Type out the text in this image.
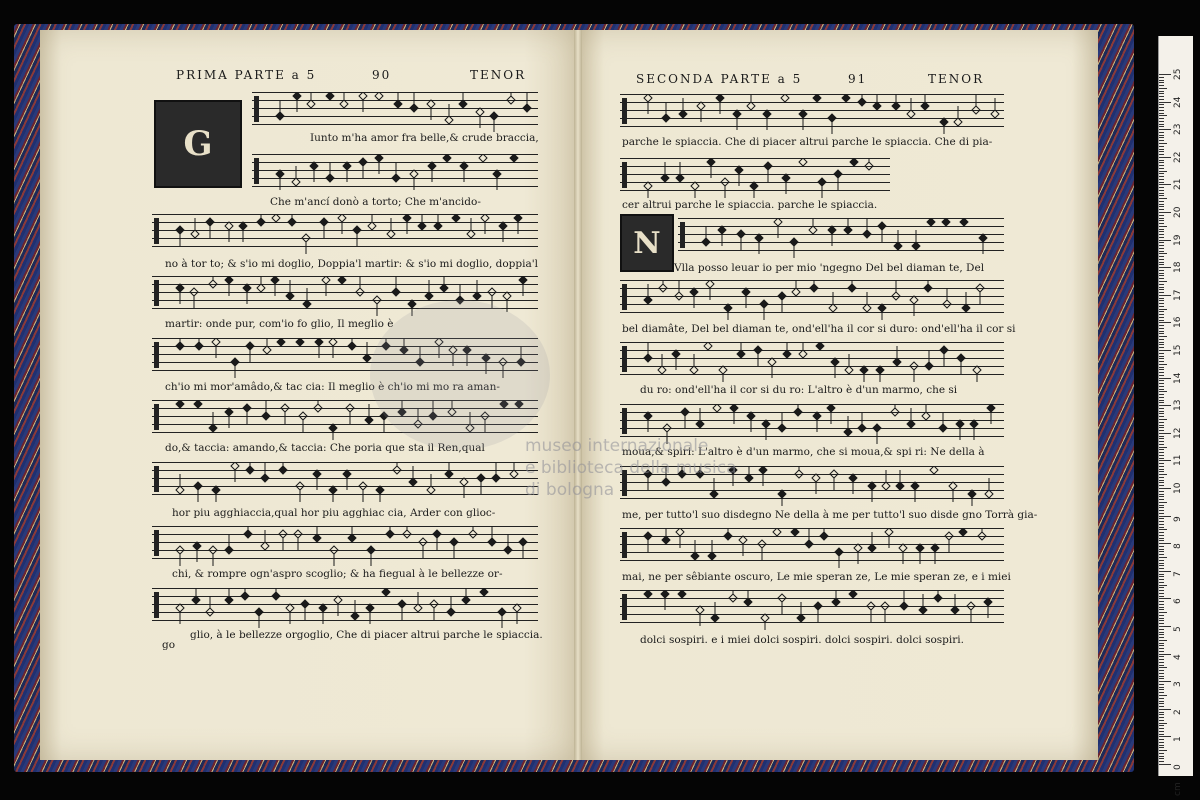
PRIMA PARTE a 5	90	TENOR	SECONDA PARTE a 5	91	TENOR
G
N
Iunto m'ha amor fra belle,& crude braccia,
Che m'ancí donò a torto; Che m'ancido-
no à tor to; & s'io mi doglio, Doppia'l martir: & s'io mi doglio, doppia'l
martir: onde pur, com'io fo glio, Il meglio è
ch'io mi mor'amâdo,& tac cia: Il meglio è ch'io mi mo ra aman-
do,& taccia: amando,& taccia: Che poria que sta il Ren,qual
hor piu agghiaccia,qual hor piu agghiac cia, Arder con glioc-
chi, & rompre ogn'aspro scoglio; & ha fiegual à le bellezze or-
glio, à le bellezze orgoglio, Che di piacer altrui parche le spiaccia.
go
parche le spiaccia. Che di piacer altrui parche le spiaccia. Che di pia-
cer altrui parche le spiaccia. parche le spiaccia.
Vlla posso leuar io per mio 'ngegno Del bel diaman te, Del
bel diamâte, Del bel diaman te, ond'ell'ha il cor si duro: ond'ell'ha il cor si
du ro: ond'ell'ha il cor si du ro: L'altro è d'un marmo, che si
moua,& spiri: L'altro è d'un marmo, che si moua,& spi ri: Ne della à
me, per tutto'l suo disdegno Ne della à me per tutto'l suo disde gno Torrà gia-
mai, ne per sêbiante oscuro, Le mie speran ze, Le mie speran ze, e i miei
dolci sospiri. e i miei dolci sospiri. dolci sospiri. dolci sospiri.
museo internazionale
e biblioteca della musica
di bologna
0
1
2
3
4
5
6
7
8
9
10
11
12
13
14
15
16
17
18
19
20
21
22
23
24
25
cm
